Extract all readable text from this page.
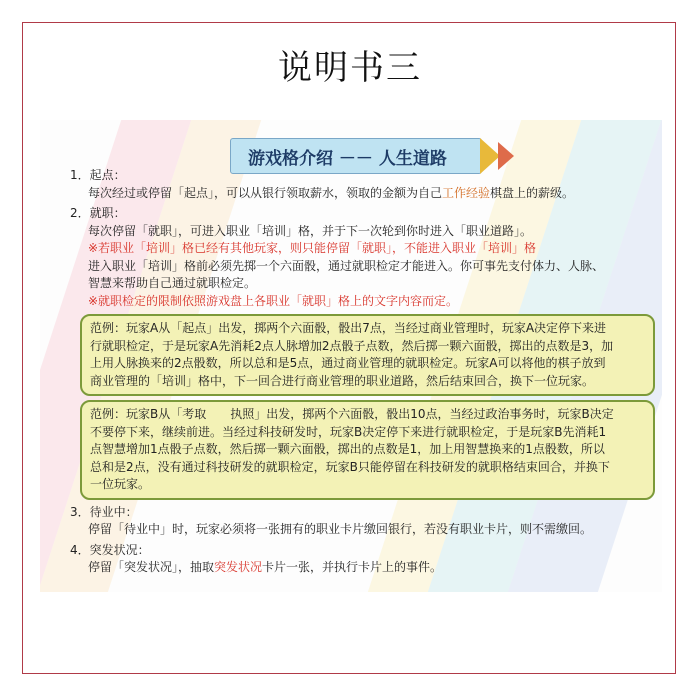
说明书三
游戏格介绍 －－ 人生道路
1．起点：
每次经过或停留「起点」，可以从银行领取薪水，领取的金额为自己工作经验棋盘上的薪级。
2．就职：
每次停留「就职」，可进入职业「培训」格，并于下一次轮到你时进入「职业道路」。
※若职业「培训」格已经有其他玩家，则只能停留「就职」，不能进入职业「培训」格
进入职业「培训」格前必须先掷一个六面骰，通过就职检定才能进入。你可事先支付体力、人脉、
智慧来帮助自己通过就职检定。
※就职检定的限制依照游戏盘上各职业「就职」格上的文字内容而定。
范例：玩家A从「起点」出发，掷两个六面骰，骰出7点，当经过商业管理时，玩家A决定停下来进
行就职检定，于是玩家A先消耗2点人脉增加2点骰子点数，然后掷一颗六面骰，掷出的点数是3，加
上用人脉换来的2点骰数，所以总和是5点，通过商业管理的就职检定。玩家A可以将他的棋子放到
商业管理的「培训」格中，下一回合进行商业管理的职业道路，然后结束回合，换下一位玩家。
范例：玩家B从「考取　　执照」出发，掷两个六面骰，骰出10点，当经过政治事务时，玩家B决定
不要停下来，继续前进。当经过科技研发时，玩家B决定停下来进行就职检定，于是玩家B先消耗1
点智慧增加1点骰子点数，然后掷一颗六面骰，掷出的点数是1，加上用智慧换来的1点骰数，所以
总和是2点，没有通过科技研发的就职检定，玩家B只能停留在科技研发的就职格结束回合，并换下
一位玩家。
3．待业中：
停留「待业中」时，玩家必须将一张拥有的职业卡片缴回银行，若没有职业卡片，则不需缴回。
4．突发状况：
停留「突发状况」，抽取突发状况卡片一张，并执行卡片上的事件。
